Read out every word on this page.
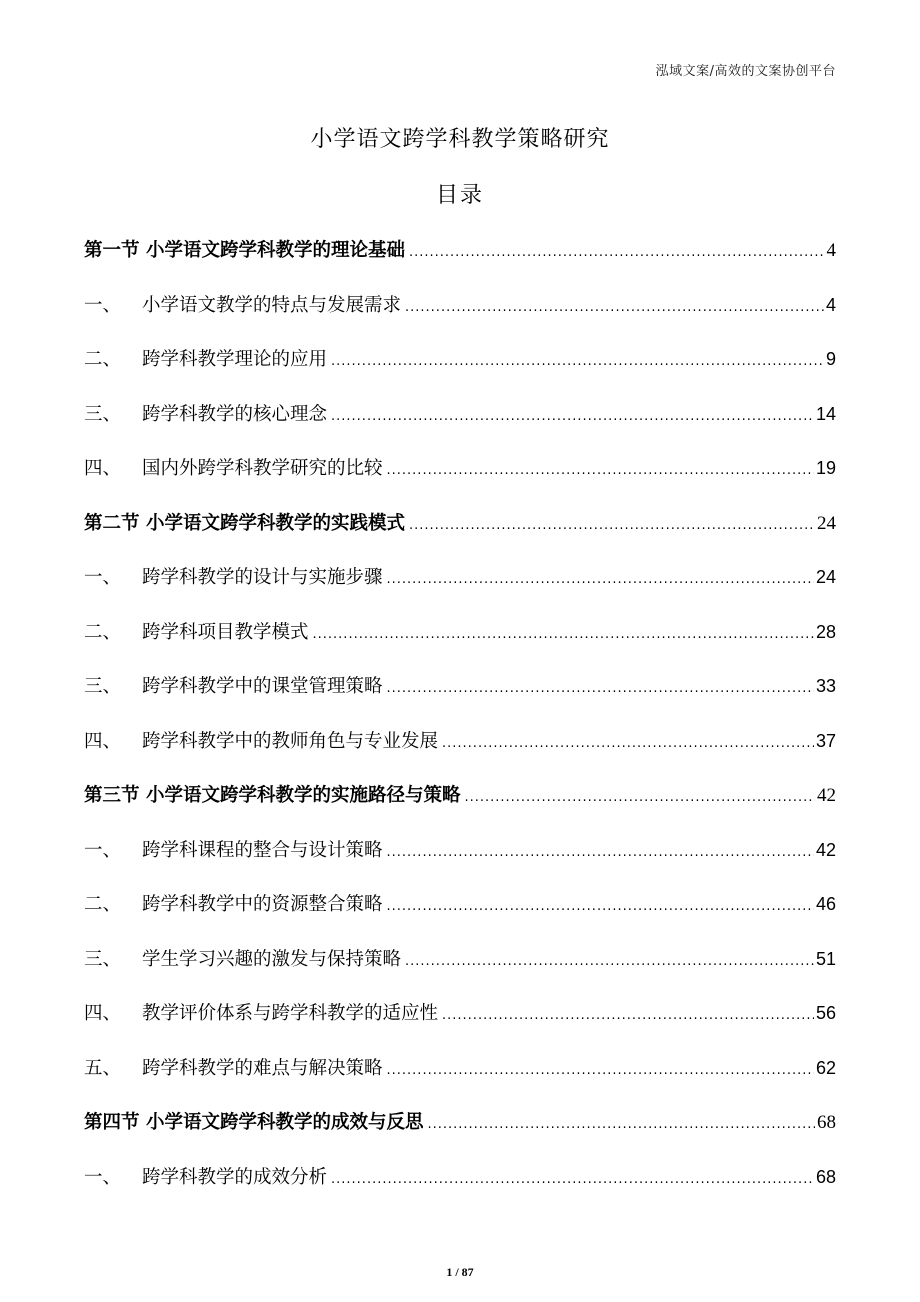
泓域文案/高效的文案协创平台
小学语文跨学科教学策略研究
目录
第一节 小学语文跨学科教学的理论基础 .....	4
一、	小学语文教学的特点与发展需求 .....	4
二、	跨学科教学理论的应用 .....	9
三、	跨学科教学的核心理念 .....	14
四、	国内外跨学科教学研究的比较 .....	19
第二节 小学语文跨学科教学的实践模式 .....	24
一、	跨学科教学的设计与实施步骤 .....	24
二、	跨学科项目教学模式 .....	28
三、	跨学科教学中的课堂管理策略 .....	33
四、	跨学科教学中的教师角色与专业发展 .....	37
第三节 小学语文跨学科教学的实施路径与策略 .....	42
一、	跨学科课程的整合与设计策略 .....	42
二、	跨学科教学中的资源整合策略 .....	46
三、	学生学习兴趣的激发与保持策略 .....	51
四、	教学评价体系与跨学科教学的适应性 .....	56
五、	跨学科教学的难点与解决策略 .....	62
第四节 小学语文跨学科教学的成效与反思 .....	68
一、	跨学科教学的成效分析 .....	68
1 / 87
